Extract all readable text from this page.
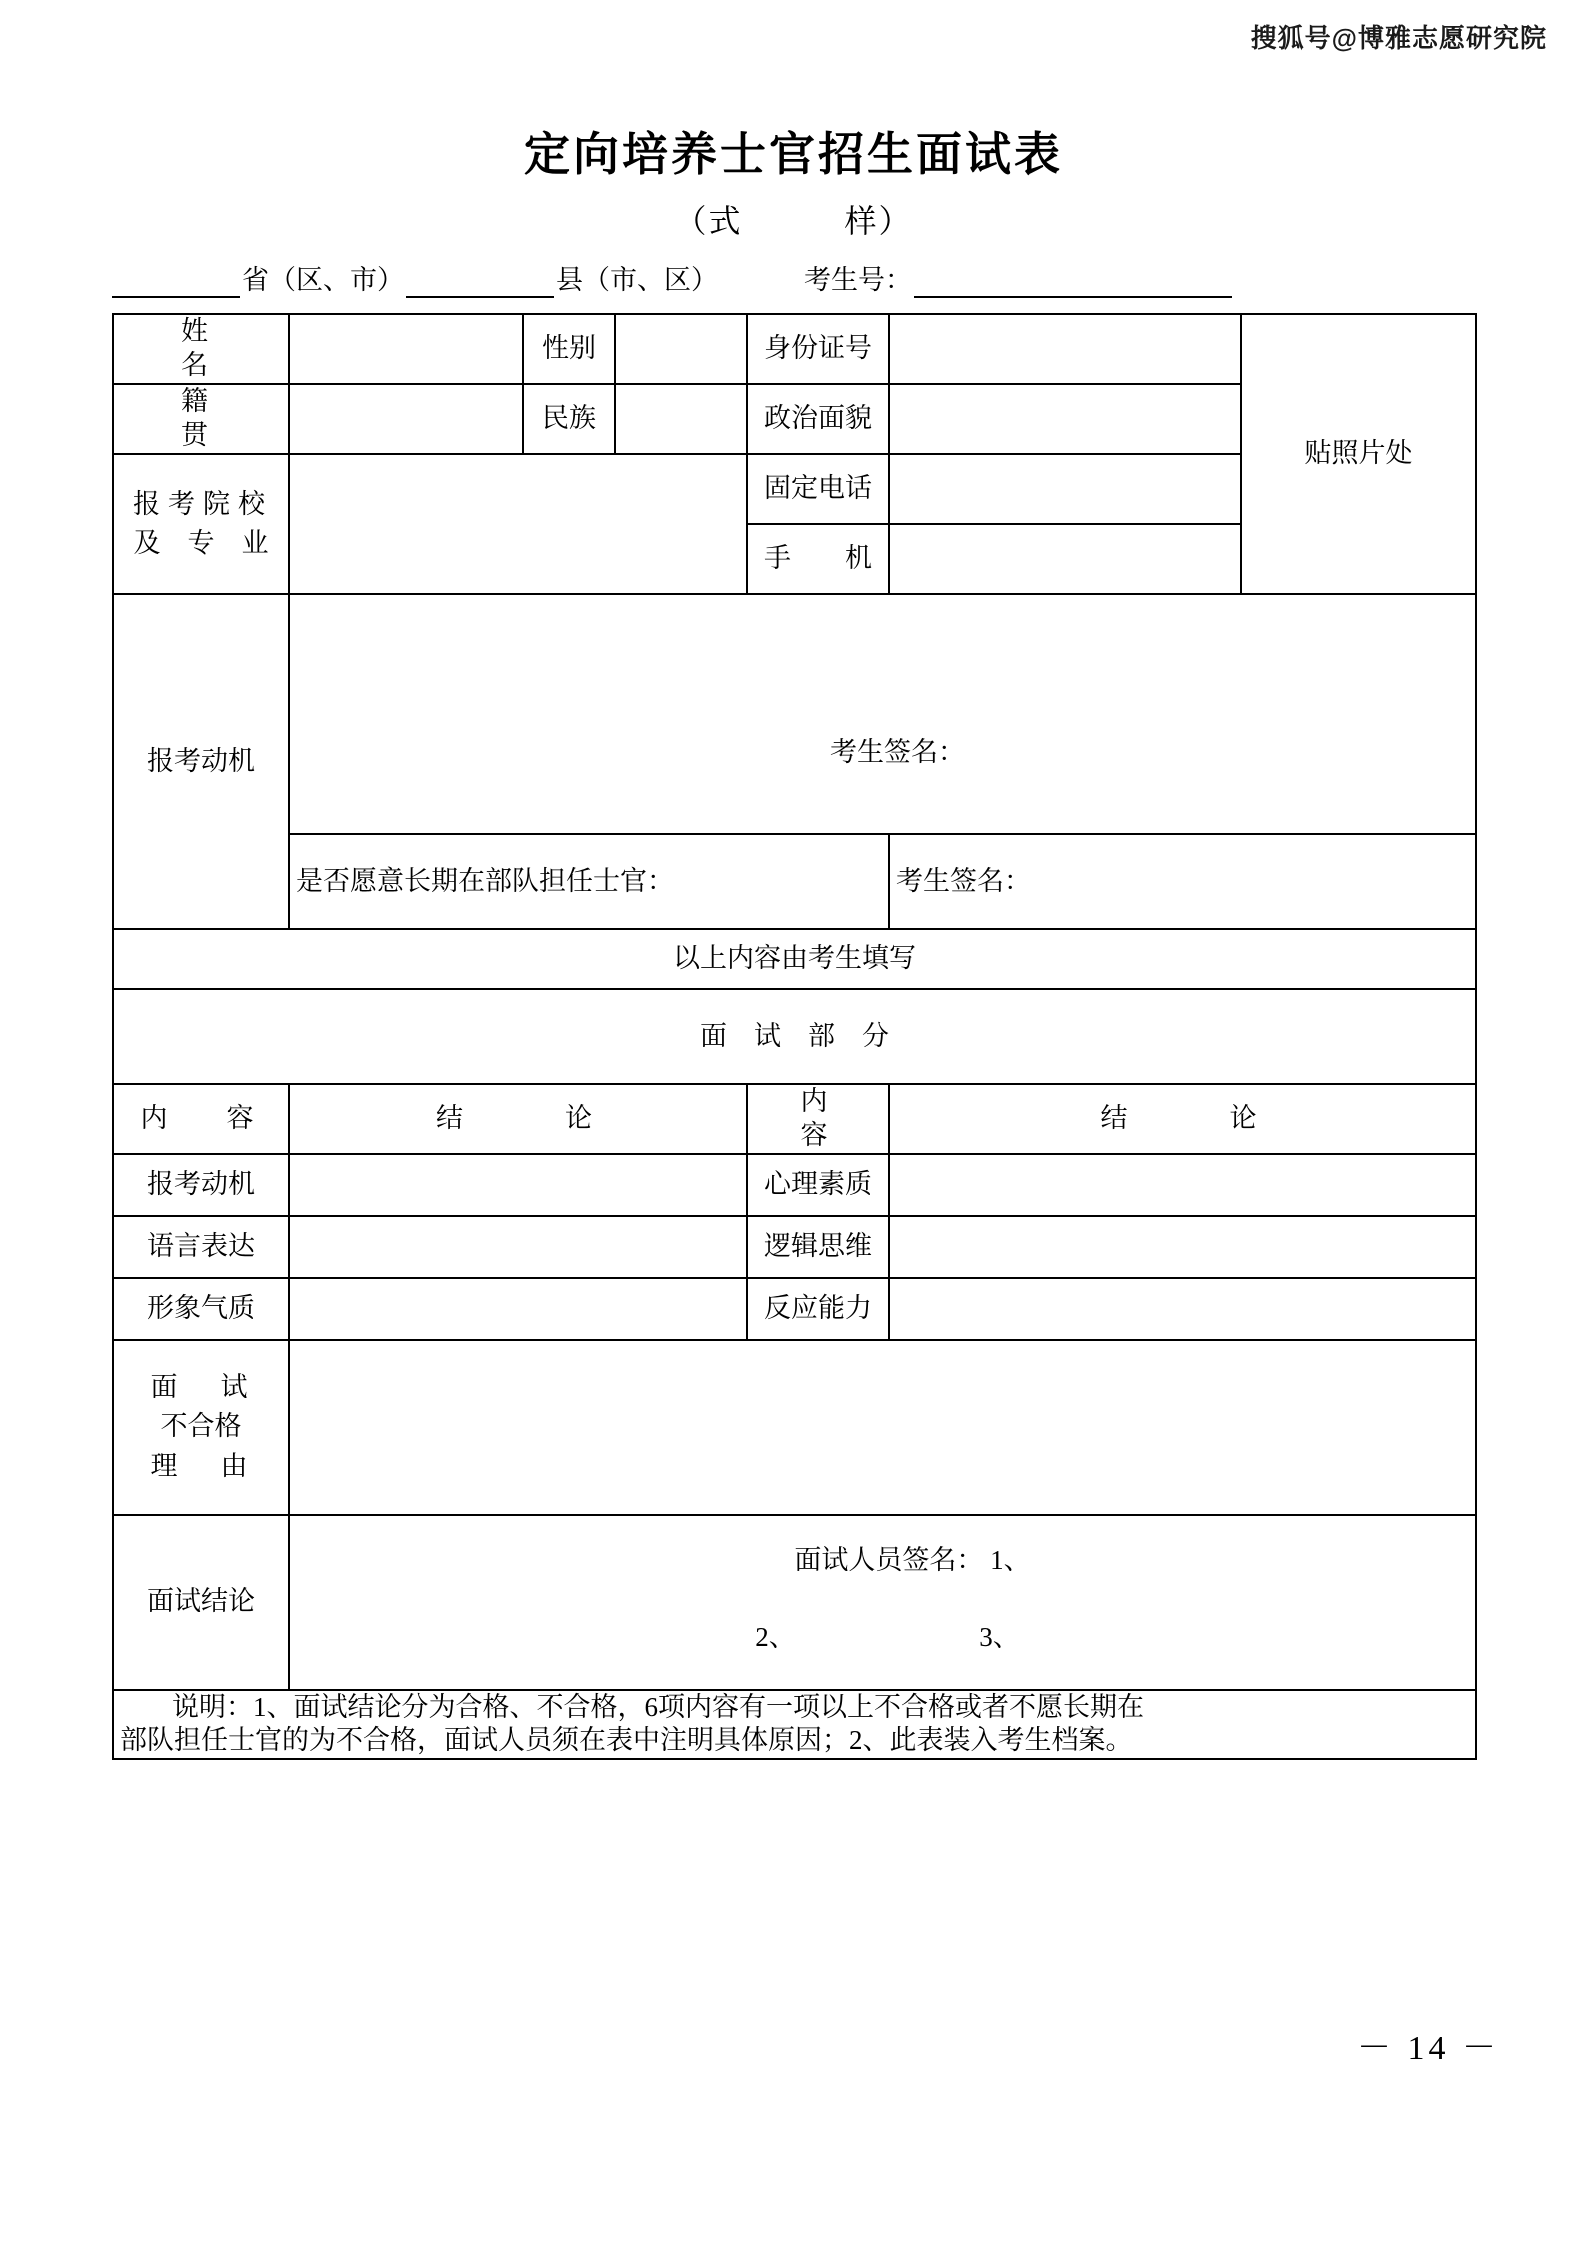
搜狐号@博雅志愿研究院
定向培养士官招生面试表
（式　　　样）
省（区、市）	县（市、区）	考生号：
姓　名		性别		身份证号		贴照片处
籍　贯		民族		政治面貌		

报考院校
及　专　业				固定电话		
				手　　机		
报考动机	考生签名：					

	是否愿意长期在部队担任士官：				考生签名：	
以上内容由考生填写						
面　试　部　分						
内　容	结　　论			内　容	结　　论	
报考动机				心理素质		
语言表达				逻辑思维		
形象气质				反应能力		

面　试
不合格
理　由						

面试结论	面试人员签名： 1、
2、 3、					

说明：1、面试结论分为合格、不合格，6项内容有一项以上不合格或者不愿长期在
部队担任士官的为不合格，面试人员须在表中注明具体原因；2、此表装入考生档案。						
－ 14 －
